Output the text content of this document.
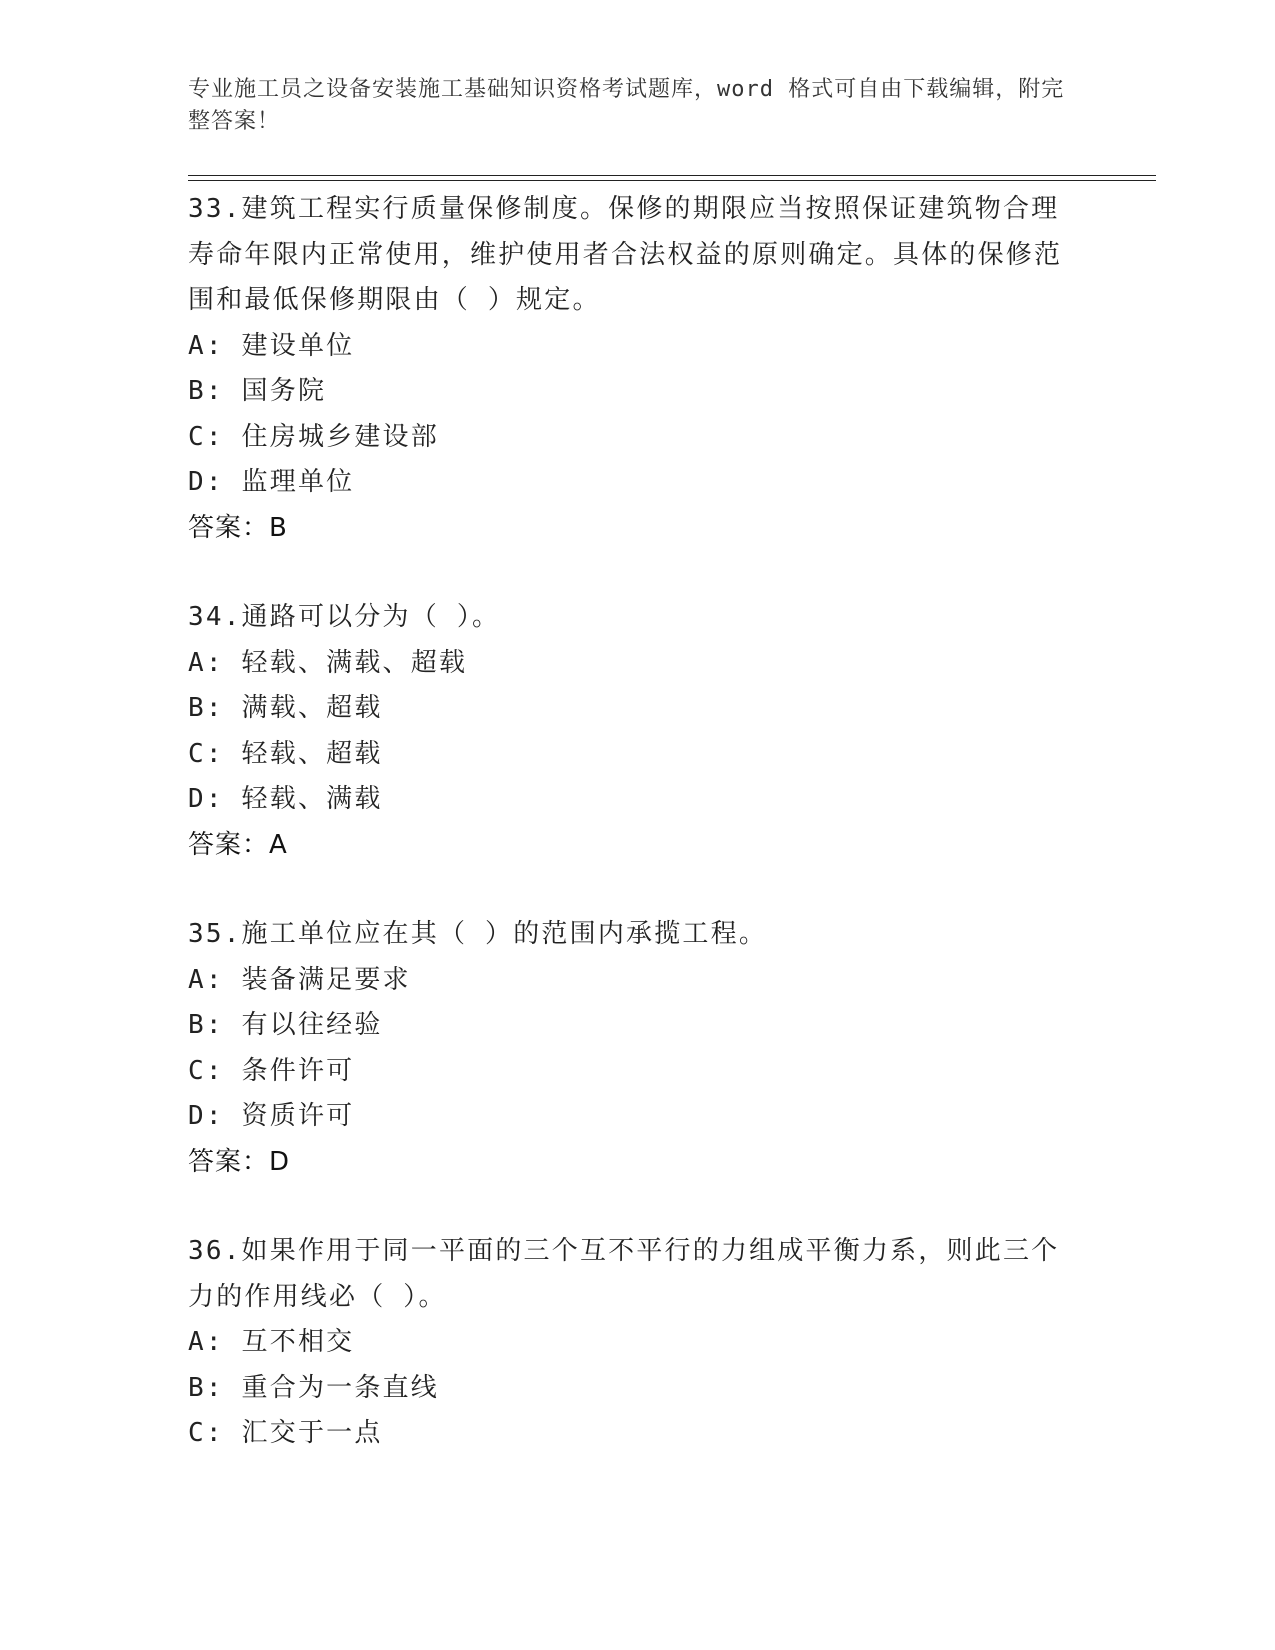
专业施工员之设备安装施工基础知识资格考试题库，word 格式可自由下载编辑，附完整答案！
33.建筑工程实行质量保修制度。保修的期限应当按照保证建筑物合理寿命年限内正常使用，维护使用者合法权益的原则确定。具体的保修范围和最低保修期限由（ ）规定。
A: 建设单位
B: 国务院
C: 住房城乡建设部
D: 监理单位
答案：B
34.通路可以分为（ ）。
A: 轻载、满载、超载
B: 满载、超载
C: 轻载、超载
D: 轻载、满载
答案：A
35.施工单位应在其（ ）的范围内承揽工程。
A: 装备满足要求
B: 有以往经验
C: 条件许可
D: 资质许可
答案：D
36.如果作用于同一平面的三个互不平行的力组成平衡力系，则此三个力的作用线必（ ）。
A: 互不相交
B: 重合为一条直线
C: 汇交于一点
